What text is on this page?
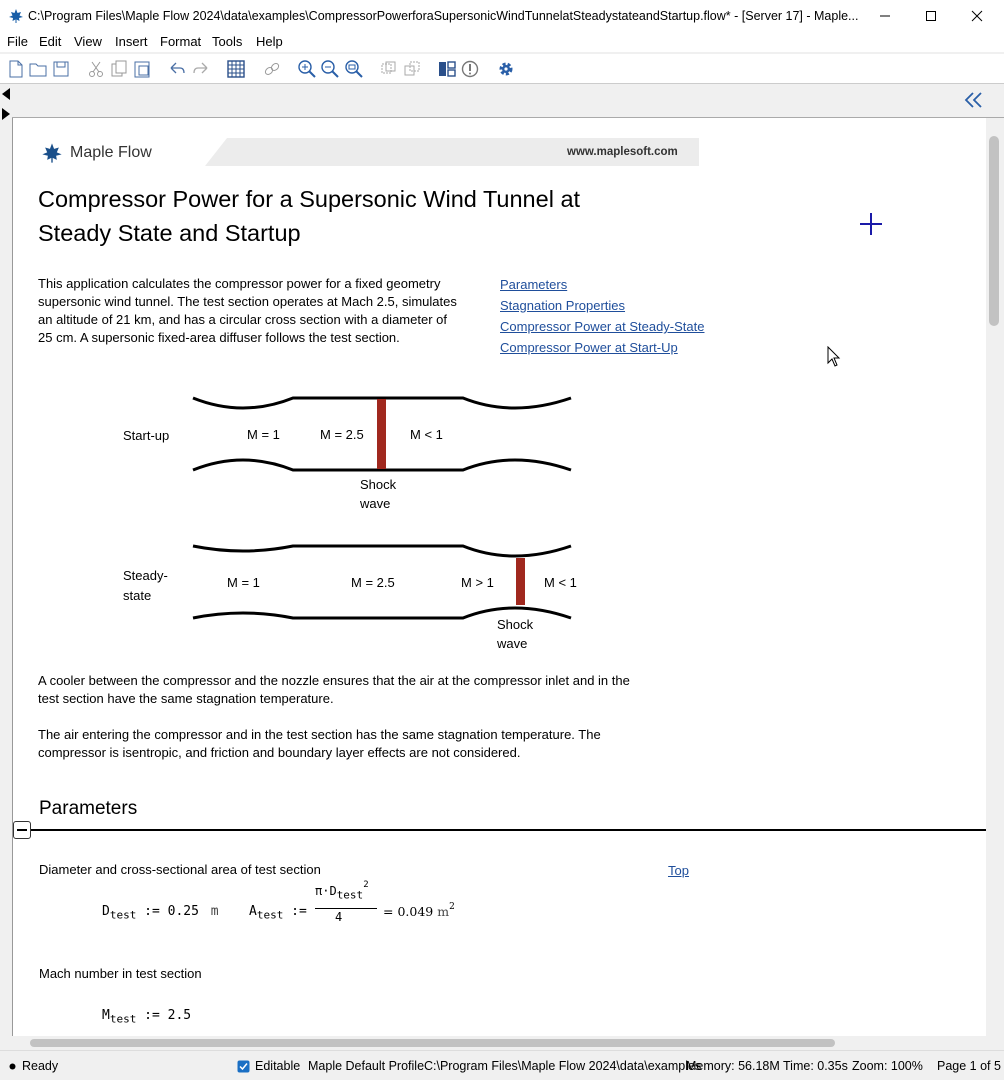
C:\Program Files\Maple Flow 2024\data\examples\CompressorPowerforaSupersonicWindTunnelatSteadystateandStartup.flow* - [Server 17] - Maple...
File Edit View Insert Format Tools Help
Maple Flow	www.maplesoft.com
Compressor Power for a Supersonic Wind Tunnel at
Steady State and Startup
This application calculates the compressor power for a fixed geometry
supersonic wind tunnel. The test section operates at Mach 2.5, simulates
an altitude of 21 km, and has a circular cross section with a diameter of
25 cm. A supersonic fixed-area diffuser follows the test section.
Parameters
Stagnation Properties
Compressor Power at Steady-State
Compressor Power at Start-Up
Start-up	M = 1	M = 2.5	M < 1
Shock
wave
Steady-
state
M = 1	M = 2.5	M > 1	M < 1
Shock
wave
A cooler between the compressor and the nozzle ensures that the air at the compressor inlet and in the
test section have the same stagnation temperature.
The air entering the compressor and in the test section has the same stagnation temperature. The
compressor is isentropic, and friction and boundary layer effects are not considered.
Parameters
Diameter and cross-sectional area of test section	Top
$D_{test}$ := 0.25 m $A_{test}$ :=
$\pi\cdot D_{test}^2$
4	= 0.049 $m^2$
Mach number in test section
$M_{test}$ := 2.5
Ready	Editable Maple Default Profile C:\Program Files\Maple Flow 2024\data\examples
Memory: 56.18M Time: 0.35s Zoom: 100% Page 1 of 5
